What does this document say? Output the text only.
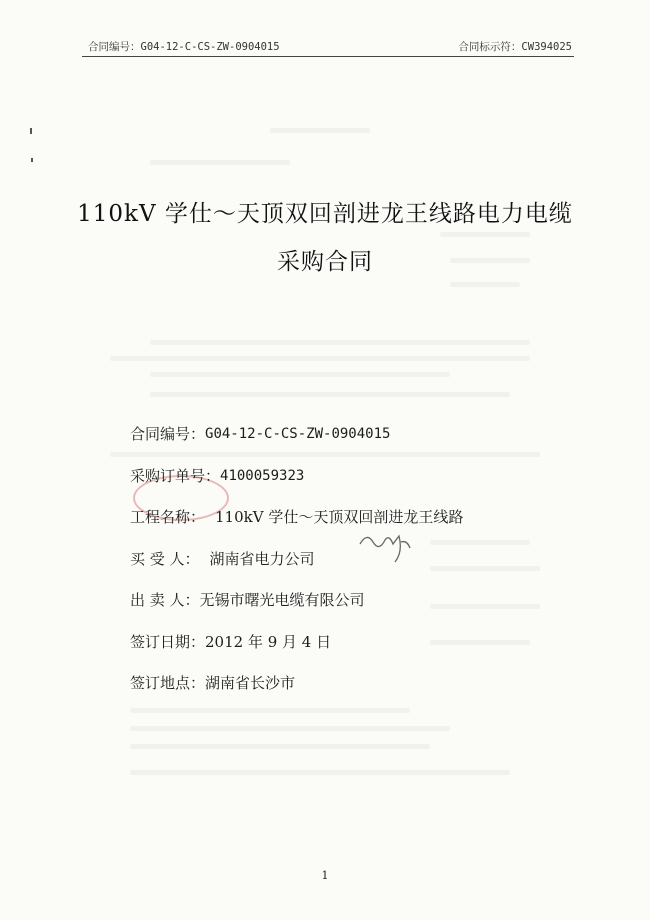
合同编号：G04-12-C-CS-ZW-0904015	合同标示符：CW394025
110kV 学仕～天顶双回剖进龙王线路电力电缆
采购合同
合同编号：G04-12-C-CS-ZW-0904015
采购订单号：4100059323
工程名称： 110kV 学仕～天顶双回剖进龙王线路
买 受 人： 湖南省电力公司
出 卖 人：无锡市曙光电缆有限公司
签订日期：2012 年 9 月 4 日
签订地点：湖南省长沙市
1
